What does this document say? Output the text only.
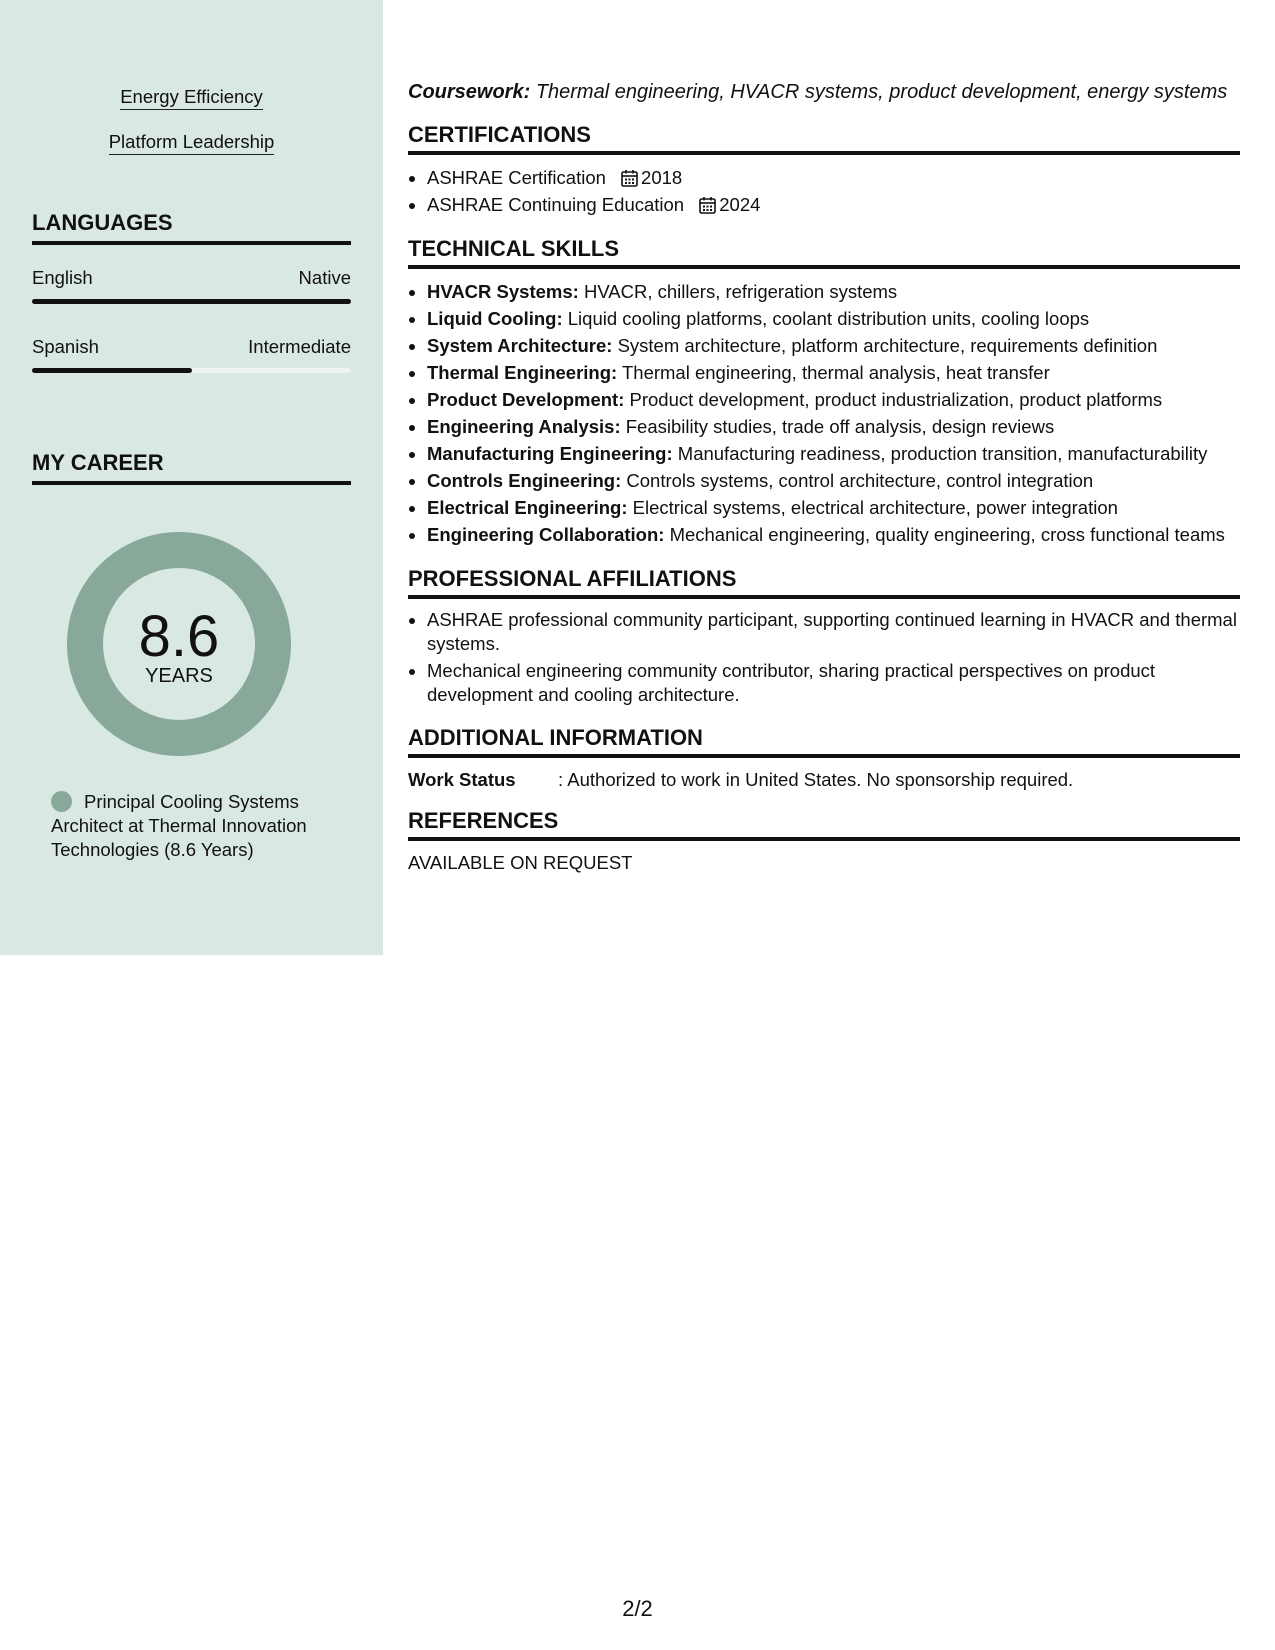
Energy Efficiency
Platform Leadership
LANGUAGES
English	Native
Spanish	Intermediate
MY CAREER
8.6
YEARS
Principal Cooling Systems Architect at Thermal Innovation Technologies (8.6 Years)
Coursework: Thermal engineering, HVACR systems, product development, energy systems
CERTIFICATIONS
• ASHRAE Certification 2018
• ASHRAE Continuing Education 2024
TECHNICAL SKILLS
• HVACR Systems: HVACR, chillers, refrigeration systems
• Liquid Cooling: Liquid cooling platforms, coolant distribution units, cooling loops
• System Architecture: System architecture, platform architecture, requirements definition
• Thermal Engineering: Thermal engineering, thermal analysis, heat transfer
• Product Development: Product development, product industrialization, product platforms
• Engineering Analysis: Feasibility studies, trade off analysis, design reviews
• Manufacturing Engineering: Manufacturing readiness, production transition, manufacturability
• Controls Engineering: Controls systems, control architecture, control integration
• Electrical Engineering: Electrical systems, electrical architecture, power integration
• Engineering Collaboration: Mechanical engineering, quality engineering, cross functional teams
PROFESSIONAL AFFILIATIONS
• ASHRAE professional community participant, supporting continued learning in HVACR and thermal systems.
• Mechanical engineering community contributor, sharing practical perspectives on product development and cooling architecture.
ADDITIONAL INFORMATION
Work Status	: Authorized to work in United States. No sponsorship required.
REFERENCES
AVAILABLE ON REQUEST
2/2
